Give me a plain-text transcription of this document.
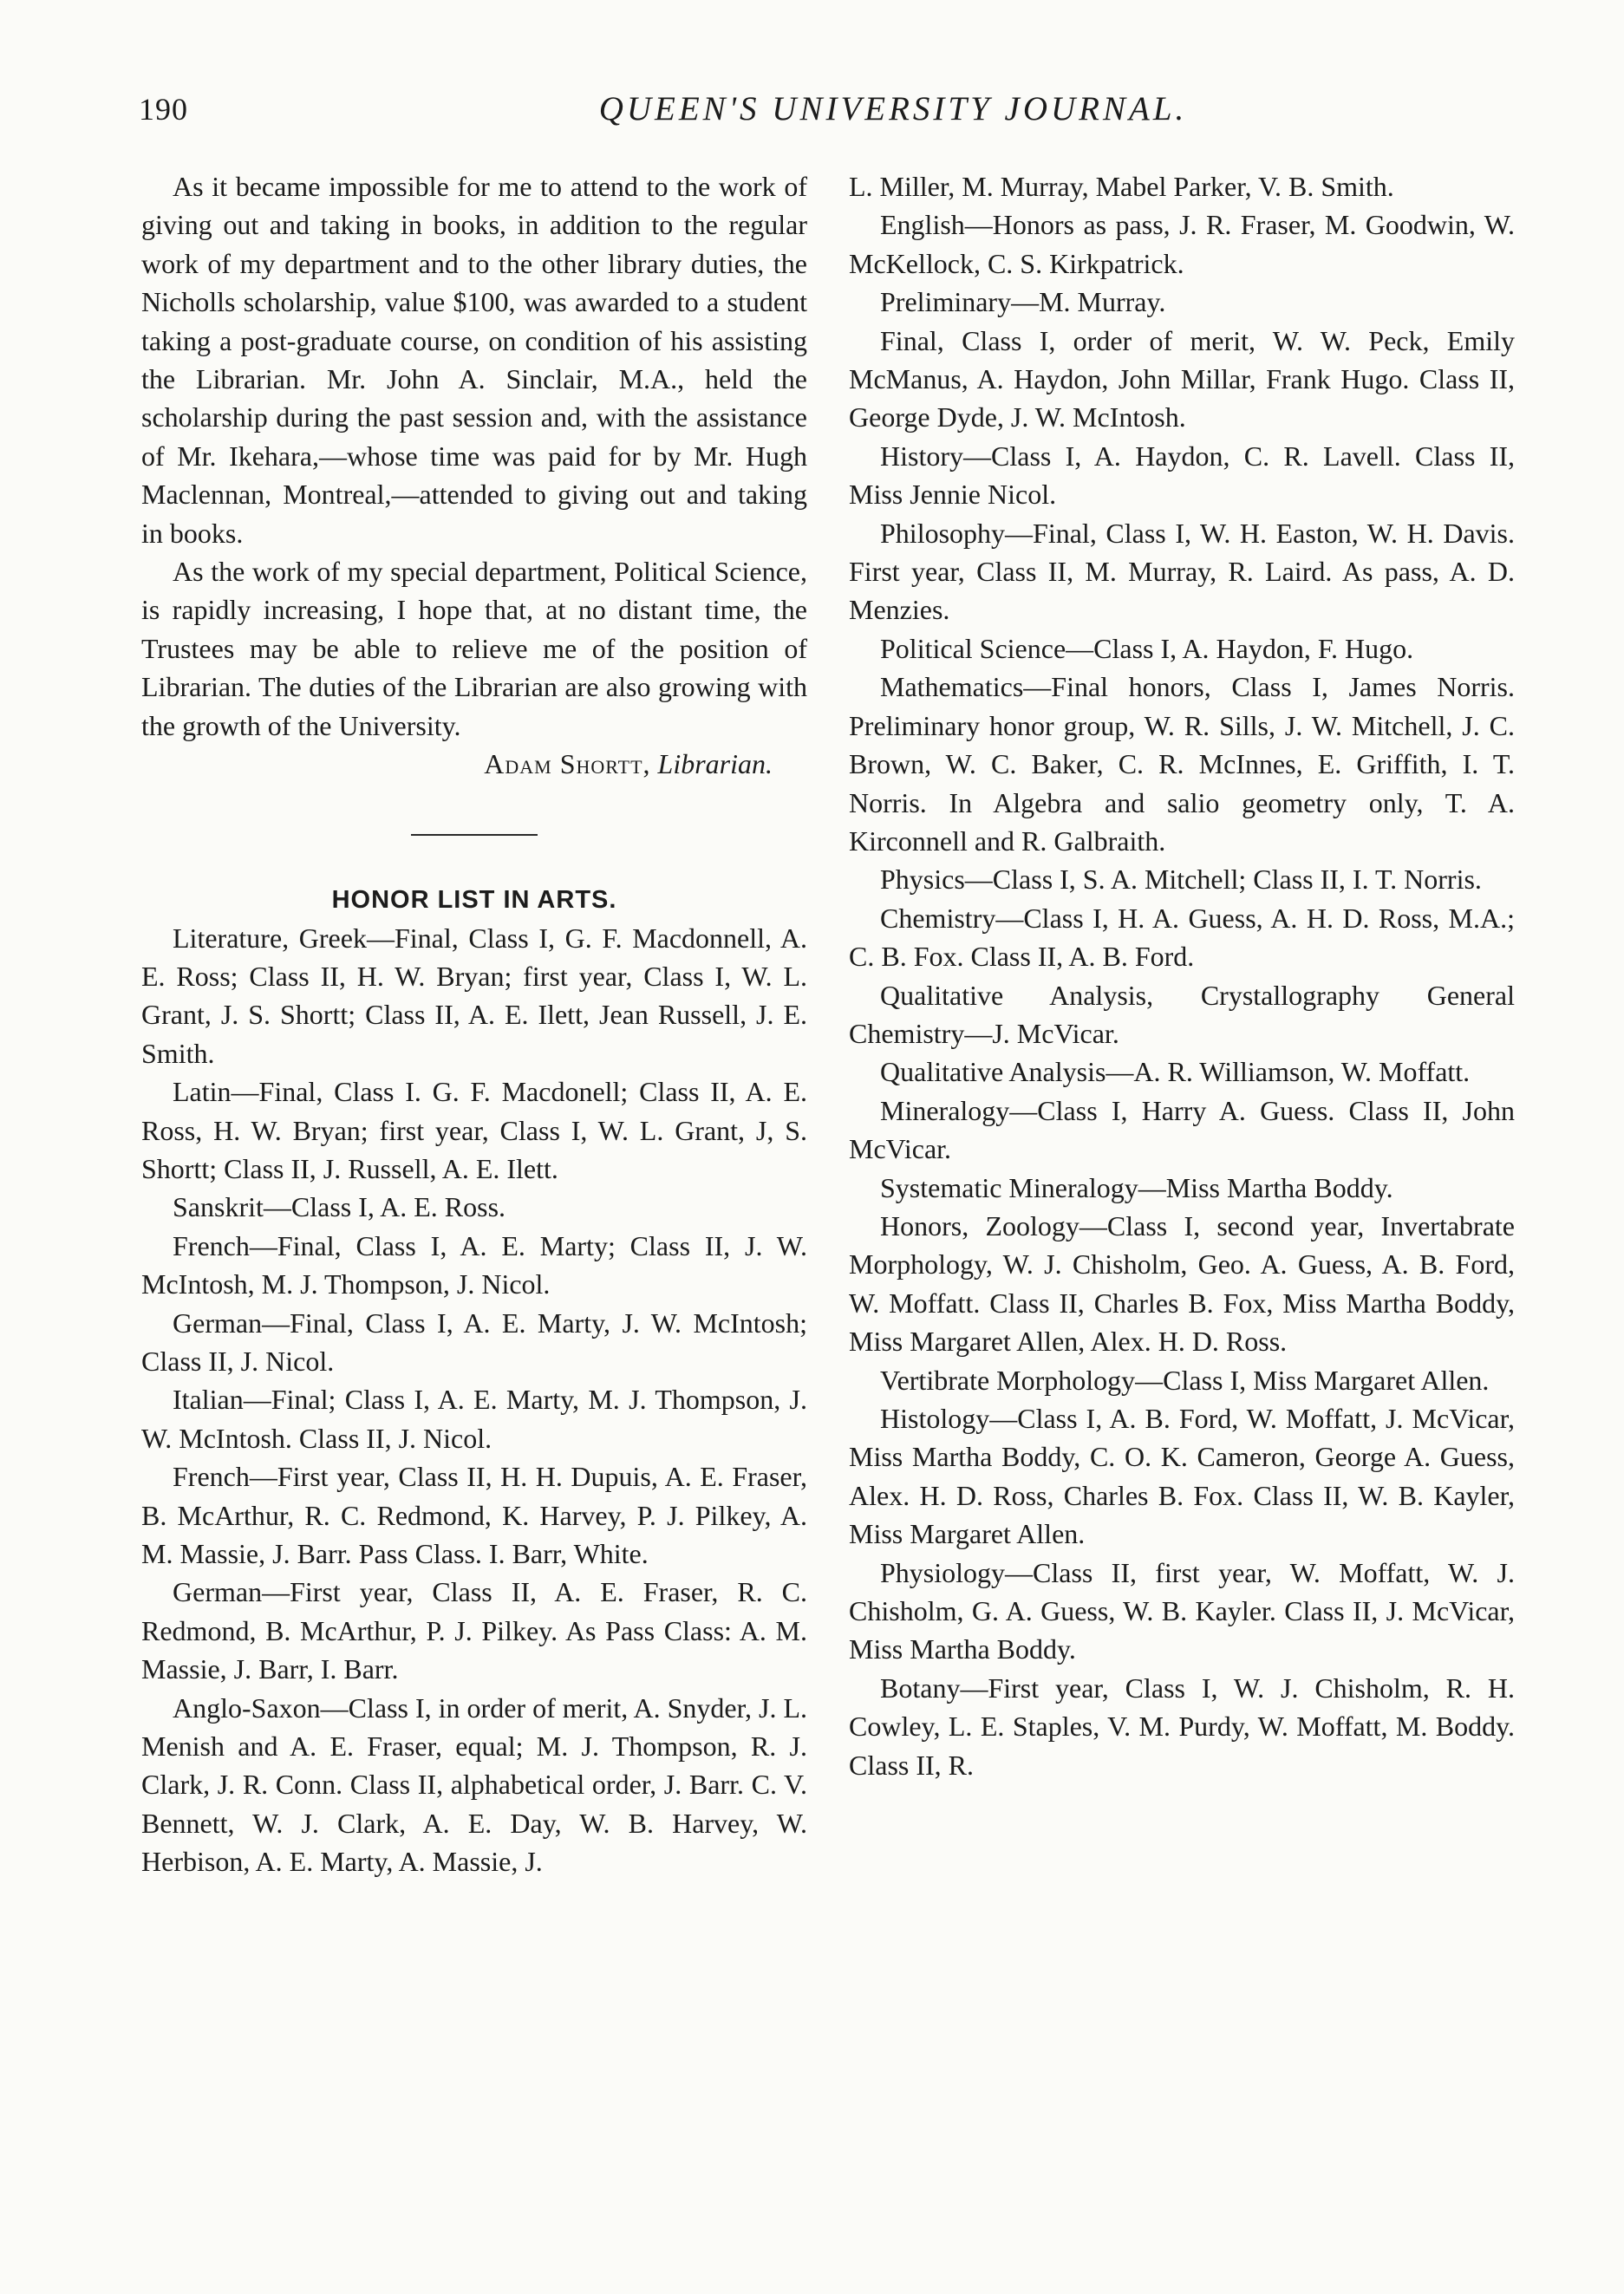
190	QUEEN'S UNIVERSITY JOURNAL.

As it became impossible for me to attend to the work of giving out and taking in books, in addition to the regular work of my department and to the other library duties, the Nicholls scholarship, value $100, was awarded to a student taking a post-graduate course, on condition of his assisting the Librarian. Mr. John A. Sinclair, M.A., held the scholarship during the past session and, with the assistance of Mr. Ikehara,—whose time was paid for by Mr. Hugh Maclennan, Montreal,—attended to giving out and taking in books.

As the work of my special department, Political Science, is rapidly increasing, I hope that, at no distant time, the Trustees may be able to relieve me of the position of Librarian. The duties of the Librarian are also growing with the growth of the University.

Adam Shortt, Librarian.

HONOR LIST IN ARTS.

Literature, Greek—Final, Class I, G. F. Macdonnell, A. E. Ross; Class II, H. W. Bryan; first year, Class I, W. L. Grant, J. S. Shortt; Class II, A. E. Ilett, Jean Russell, J. E. Smith.

Latin—Final, Class I. G. F. Macdonell; Class II, A. E. Ross, H. W. Bryan; first year, Class I, W. L. Grant, J, S. Shortt; Class II, J. Russell, A. E. Ilett.

Sanskrit—Class I, A. E. Ross.

French—Final, Class I, A. E. Marty; Class II, J. W. McIntosh, M. J. Thompson, J. Nicol.

German—Final, Class I, A. E. Marty, J. W. McIntosh; Class II, J. Nicol.

Italian—Final; Class I, A. E. Marty, M. J. Thompson, J. W. McIntosh. Class II, J. Nicol.

French—First year, Class II, H. H. Dupuis, A. E. Fraser, B. McArthur, R. C. Redmond, K. Harvey, P. J. Pilkey, A. M. Massie, J. Barr. Pass Class. I. Barr, White.

German—First year, Class II, A. E. Fraser, R. C. Redmond, B. McArthur, P. J. Pilkey. As Pass Class: A. M. Massie, J. Barr, I. Barr.

Anglo-Saxon—Class I, in order of merit, A. Snyder, J. L. Menish and A. E. Fraser, equal; M. J. Thompson, R. J. Clark, J. R. Conn. Class II, alphabetical order, J. Barr. C. V. Bennett, W. J. Clark, A. E. Day, W. B. Harvey, W. Herbison, A. E. Marty, A. Massie, J.

L. Miller, M. Murray, Mabel Parker, V. B. Smith.

English—Honors as pass, J. R. Fraser, M. Goodwin, W. McKellock, C. S. Kirkpatrick.

Preliminary—M. Murray.

Final, Class I, order of merit, W. W. Peck, Emily McManus, A. Haydon, John Millar, Frank Hugo. Class II, George Dyde, J. W. McIntosh.

History—Class I, A. Haydon, C. R. Lavell. Class II, Miss Jennie Nicol.

Philosophy—Final, Class I, W. H. Easton, W. H. Davis. First year, Class II, M. Murray, R. Laird. As pass, A. D. Menzies.

Political Science—Class I, A. Haydon, F. Hugo.

Mathematics—Final honors, Class I, James Norris. Preliminary honor group, W. R. Sills, J. W. Mitchell, J. C. Brown, W. C. Baker, C. R. McInnes, E. Griffith, I. T. Norris. In Algebra and salio geometry only, T. A. Kirconnell and R. Galbraith.

Physics—Class I, S. A. Mitchell; Class II, I. T. Norris.

Chemistry—Class I, H. A. Guess, A. H. D. Ross, M.A.; C. B. Fox. Class II, A. B. Ford.

Qualitative Analysis, Crystallography General Chemistry—J. McVicar.

Qualitative Analysis—A. R. Williamson, W. Moffatt.

Mineralogy—Class I, Harry A. Guess. Class II, John McVicar.

Systematic Mineralogy—Miss Martha Boddy.

Honors, Zoology—Class I, second year, Invertabrate Morphology, W. J. Chisholm, Geo. A. Guess, A. B. Ford, W. Moffatt. Class II, Charles B. Fox, Miss Martha Boddy, Miss Margaret Allen, Alex. H. D. Ross.

Vertibrate Morphology—Class I, Miss Margaret Allen.

Histology—Class I, A. B. Ford, W. Moffatt, J. McVicar, Miss Martha Boddy, C. O. K. Cameron, George A. Guess, Alex. H. D. Ross, Charles B. Fox. Class II, W. B. Kayler, Miss Margaret Allen.

Physiology—Class II, first year, W. Moffatt, W. J. Chisholm, G. A. Guess, W. B. Kayler. Class II, J. McVicar, Miss Martha Boddy.

Botany—First year, Class I, W. J. Chisholm, R. H. Cowley, L. E. Staples, V. M. Purdy, W. Moffatt, M. Boddy. Class II, R.
